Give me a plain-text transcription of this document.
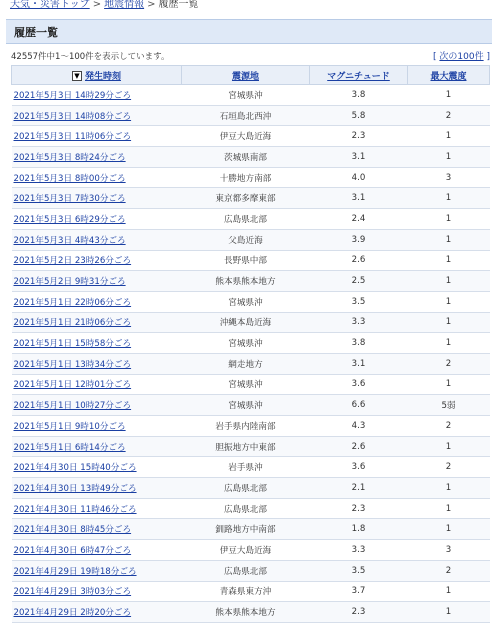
天気・災害トップ > 地震情報 > 履歴一覧
履歴一覧
42557件中1～100件を表示しています。	[ 次の100件 ]
▼ 発生時刻	震源地	マグニチュード	最大震度
2021年5月3日 14時29分ごろ	宮城県沖	3.8	1
2021年5月3日 14時08分ごろ	石垣島北西沖	5.8	2
2021年5月3日 11時06分ごろ	伊豆大島近海	2.3	1
2021年5月3日 8時24分ごろ	茨城県南部	3.1	1
2021年5月3日 8時00分ごろ	十勝地方南部	4.0	3
2021年5月3日 7時30分ごろ	東京都多摩東部	3.1	1
2021年5月3日 6時29分ごろ	広島県北部	2.4	1
2021年5月3日 4時43分ごろ	父島近海	3.9	1
2021年5月2日 23時26分ごろ	長野県中部	2.6	1
2021年5月2日 9時31分ごろ	熊本県熊本地方	2.5	1
2021年5月1日 22時06分ごろ	宮城県沖	3.5	1
2021年5月1日 21時06分ごろ	沖縄本島近海	3.3	1
2021年5月1日 15時58分ごろ	宮城県沖	3.8	1
2021年5月1日 13時34分ごろ	網走地方	3.1	2
2021年5月1日 12時01分ごろ	宮城県沖	3.6	1
2021年5月1日 10時27分ごろ	宮城県沖	6.6	5弱
2021年5月1日 9時10分ごろ	岩手県内陸南部	4.3	2
2021年5月1日 6時14分ごろ	胆振地方中東部	2.6	1
2021年4月30日 15時40分ごろ	岩手県沖	3.6	2
2021年4月30日 13時49分ごろ	広島県北部	2.1	1
2021年4月30日 11時46分ごろ	広島県北部	2.3	1
2021年4月30日 8時45分ごろ	釧路地方中南部	1.8	1
2021年4月30日 6時47分ごろ	伊豆大島近海	3.3	3
2021年4月29日 19時18分ごろ	広島県北部	3.5	2
2021年4月29日 3時03分ごろ	青森県東方沖	3.7	1
2021年4月29日 2時20分ごろ	熊本県熊本地方	2.3	1
